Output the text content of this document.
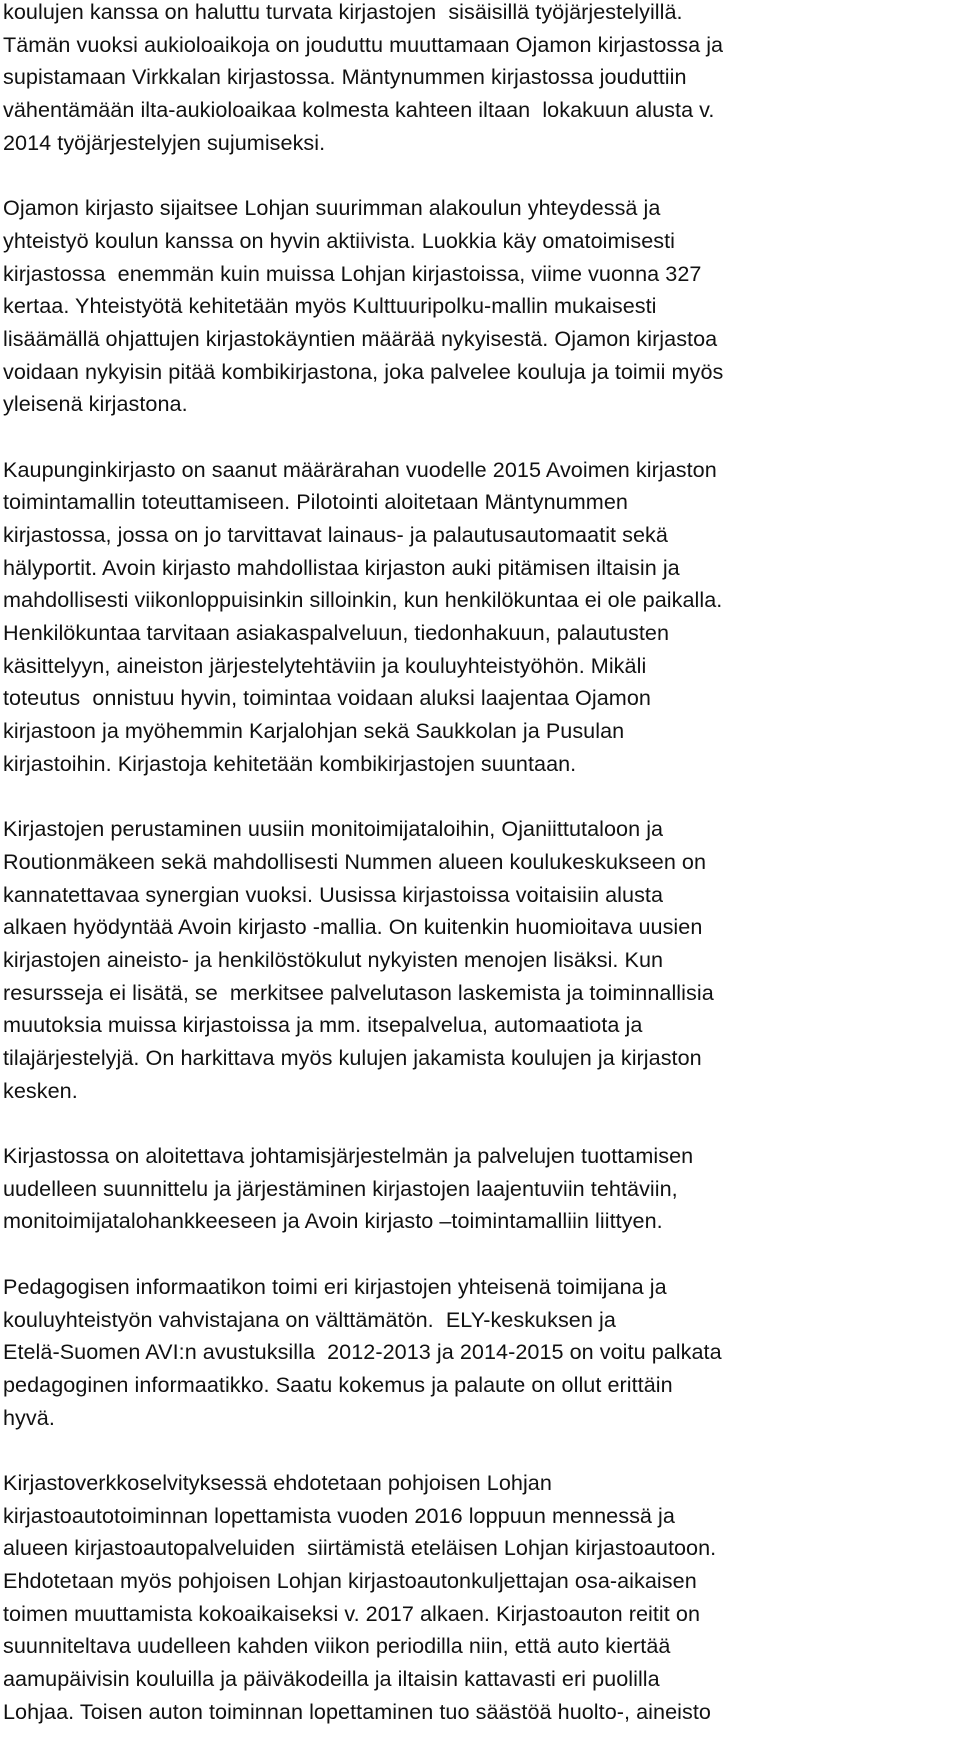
koulujen kanssa on haluttu turvata kirjastojen  sisäisillä työjärjestelyillä.
Tämän vuoksi aukioloaikoja on jouduttu muuttamaan Ojamon kirjastossa ja
supistamaan Virkkalan kirjastossa. Mäntynummen kirjastossa jouduttiin
vähentämään ilta-aukioloaikaa kolmesta kahteen iltaan  lokakuun alusta v.
2014 työjärjestelyjen sujumiseksi.
Ojamon kirjasto sijaitsee Lohjan suurimman alakoulun yhteydessä ja
yhteistyö koulun kanssa on hyvin aktiivista. Luokkia käy omatoimisesti
kirjastossa  enemmän kuin muissa Lohjan kirjastoissa, viime vuonna 327
kertaa. Yhteistyötä kehitetään myös Kulttuuripolku-mallin mukaisesti
lisäämällä ohjattujen kirjastokäyntien määrää nykyisestä. Ojamon kirjastoa
voidaan nykyisin pitää kombikirjastona, joka palvelee kouluja ja toimii myös
yleisenä kirjastona.
Kaupunginkirjasto on saanut määrärahan vuodelle 2015 Avoimen kirjaston
toimintamallin toteuttamiseen. Pilotointi aloitetaan Mäntynummen
kirjastossa, jossa on jo tarvittavat lainaus- ja palautusautomaatit sekä
hälyportit. Avoin kirjasto mahdollistaa kirjaston auki pitämisen iltaisin ja
mahdollisesti viikonloppuisinkin silloinkin, kun henkilökuntaa ei ole paikalla.
Henkilökuntaa tarvitaan asiakaspalveluun, tiedonhakuun, palautusten
käsittelyyn, aineiston järjestelytehtäviin ja kouluyhteistyöhön. Mikäli
toteutus  onnistuu hyvin, toimintaa voidaan aluksi laajentaa Ojamon
kirjastoon ja myöhemmin Karjalohjan sekä Saukkolan ja Pusulan
kirjastoihin. Kirjastoja kehitetään kombikirjastojen suuntaan.
Kirjastojen perustaminen uusiin monitoimijataloihin, Ojaniittutaloon ja
Routionmäkeen sekä mahdollisesti Nummen alueen koulukeskukseen on
kannatettavaa synergian vuoksi. Uusissa kirjastoissa voitaisiin alusta
alkaen hyödyntää Avoin kirjasto -mallia. On kuitenkin huomioitava uusien
kirjastojen aineisto- ja henkilöstökulut nykyisten menojen lisäksi. Kun
resursseja ei lisätä, se  merkitsee palvelutason laskemista ja toiminnallisia
muutoksia muissa kirjastoissa ja mm. itsepalvelua, automaatiota ja
tilajärjestelyjä. On harkittava myös kulujen jakamista koulujen ja kirjaston
kesken.
Kirjastossa on aloitettava johtamisjärjestelmän ja palvelujen tuottamisen
uudelleen suunnittelu ja järjestäminen kirjastojen laajentuviin tehtäviin,
monitoimijatalohankkeeseen ja Avoin kirjasto –toimintamalliin liittyen.
Pedagogisen informaatikon toimi eri kirjastojen yhteisenä toimijana ja
kouluyhteistyön vahvistajana on välttämätön.  ELY-keskuksen ja
Etelä-Suomen AVI:n avustuksilla  2012-2013 ja 2014-2015 on voitu palkata
pedagoginen informaatikko. Saatu kokemus ja palaute on ollut erittäin
hyvä.
Kirjastoverkkoselvityksessä ehdotetaan pohjoisen Lohjan
kirjastoautotoiminnan lopettamista vuoden 2016 loppuun mennessä ja
alueen kirjastoautopalveluiden  siirtämistä eteläisen Lohjan kirjastoautoon.
Ehdotetaan myös pohjoisen Lohjan kirjastoautonkuljettajan osa-aikaisen
toimen muuttamista kokoaikaiseksi v. 2017 alkaen. Kirjastoauton reitit on
suunniteltava uudelleen kahden viikon periodilla niin, että auto kiertää
aamupäivisin kouluilla ja päiväkodeilla ja iltaisin kattavasti eri puolilla
Lohjaa. Toisen auton toiminnan lopettaminen tuo säästöä huolto-, aineisto
